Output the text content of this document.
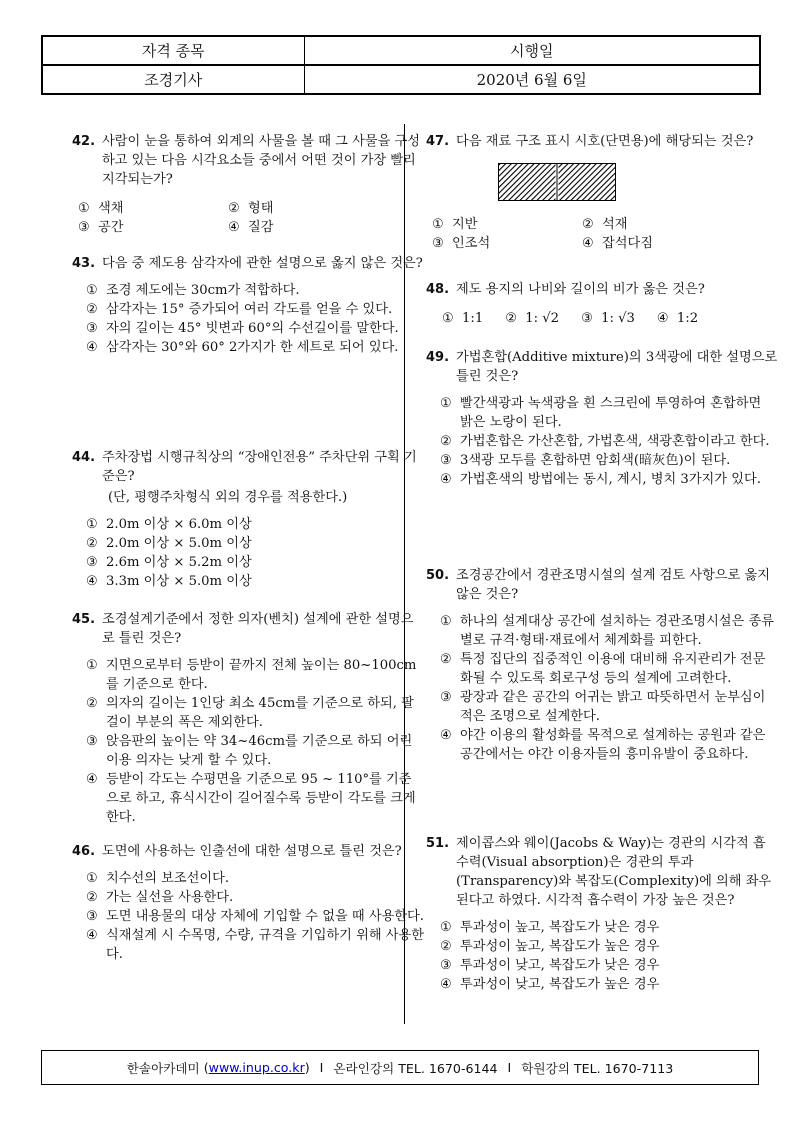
자격 종목	시행일
조경기사	2020년 6월 6일
42. 사람이 눈을 통하여 외계의 사물을 볼 때 그 사물을 구성하고 있는 다음 시각요소들 중에서 어떤 것이 가장 빨리 지각되는가?
① 색채	② 형태
③ 공간	④ 질감
43. 다음 중 제도용 삼각자에 관한 설명으로 옳지 않은 것은?
① 조경 제도에는 30cm가 적합하다.
② 삼각자는 15° 증가되어 여러 각도를 얻을 수 있다.
③ 자의 길이는 45° 빗변과 60°의 수선길이를 말한다.
④ 삼각자는 30°와 60° 2가지가 한 세트로 되어 있다.
44. 주차장법 시행규칙상의 “장애인전용” 주차단위 구획 기준은?
(단, 평행주차형식 외의 경우를 적용한다.)
① 2.0m 이상 × 6.0m 이상
② 2.0m 이상 × 5.0m 이상
③ 2.6m 이상 × 5.2m 이상
④ 3.3m 이상 × 5.0m 이상
45. 조경설계기준에서 정한 의자(벤치) 설계에 관한 설명으로 틀린 것은?
① 지면으로부터 등받이 끝까지 전체 높이는 80~100cm를 기준으로 한다.
② 의자의 길이는 1인당 최소 45cm를 기준으로 하되, 팔걸이 부분의 폭은 제외한다.
③ 앉음판의 높이는 약 34~46cm를 기준으로 하되 어린이용 의자는 낮게 할 수 있다.
④ 등받이 각도는 수평면을 기준으로 95 ~ 110°를 기준으로 하고, 휴식시간이 길어질수록 등받이 각도를 크게 한다.
46. 도면에 사용하는 인출선에 대한 설명으로 틀린 것은?
① 치수선의 보조선이다.
② 가는 실선을 사용한다.
③ 도면 내용물의 대상 자체에 기입할 수 없을 때 사용한다.
④ 식재설계 시 수목명, 수량, 규격을 기입하기 위해 사용한다.
47. 다음 재료 구조 표시 시호(단면용)에 해당되는 것은?
① 지반	② 석재
③ 인조석	④ 잡석다짐
48. 제도 용지의 나비와 길이의 비가 옳은 것은?
① 1:1 ② 1: √2 ③ 1: √3 ④ 1:2
49. 가법혼합(Additive mixture)의 3색광에 대한 설명으로 틀린 것은?
① 빨간색광과 녹색광을 흰 스크린에 투영하여 혼합하면 밝은 노랑이 된다.
② 가법혼합은 가산혼합, 가법혼색, 색광혼합이라고 한다.
③ 3색광 모두를 혼합하면 암회색(暗灰色)이 된다.
④ 가법혼색의 방법에는 동시, 계시, 병치 3가지가 있다.
50. 조경공간에서 경관조명시설의 설계 검토 사항으로 옳지 않은 것은?
① 하나의 설계대상 공간에 설치하는 경관조명시설은 종류별로 규격·형태·재료에서 체계화를 피한다.
② 특정 집단의 집중적인 이용에 대비해 유지관리가 전문화될 수 있도록 회로구성 등의 설계에 고려한다.
③ 광장과 같은 공간의 어귀는 밝고 따뜻하면서 눈부심이 적은 조명으로 설계한다.
④ 야간 이용의 활성화를 목적으로 설계하는 공원과 같은 공간에서는 야간 이용자들의 흥미유발이 중요하다.
51. 제이콥스와 웨이(Jacobs & Way)는 경관의 시각적 흡수력(Visual absorption)은 경관의 투과(Transparency)와 복잡도(Complexity)에 의해 좌우된다고 하였다. 시각적 흡수력이 가장 높은 것은?
① 투과성이 높고, 복잡도가 낮은 경우
② 투과성이 높고, 복잡도가 높은 경우
③ 투과성이 낮고, 복잡도가 낮은 경우
④ 투과성이 낮고, 복잡도가 높은 경우
한솔아카데미 (www.inup.co.kr) I 온라인강의 TEL. 1670-6144 I 학원강의 TEL. 1670-7113
